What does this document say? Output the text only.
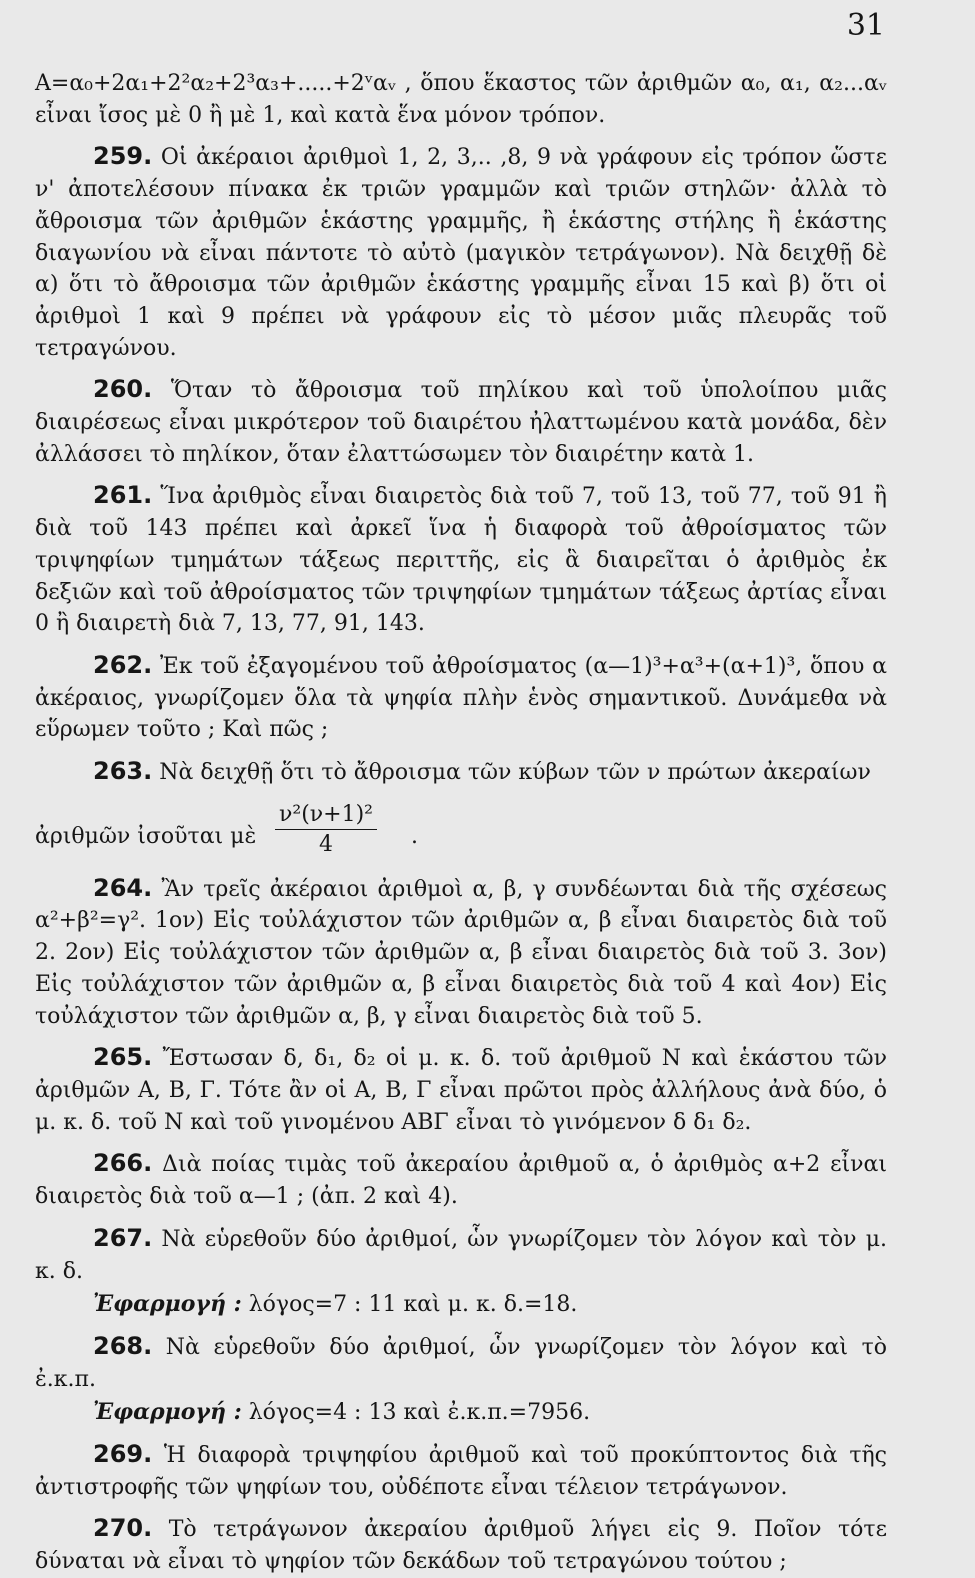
31

A=α₀+2α₁+2²α₂+2³α₃+.....+2ᵛαᵥ , ὅπου ἕκαστος τῶν ἀριθμῶν α₀, α₁, α₂...αᵥ εἶναι ἴσος μὲ 0 ἢ μὲ 1, καὶ κατὰ ἕνα μόνον τρόπον.

259. Οἱ ἀκέραιοι ἀριθμοὶ 1, 2, 3,.. ,8, 9 νὰ γράφουν εἰς τρόπον ὥστε ν' ἀποτελέσουν πίνακα ἐκ τριῶν γραμμῶν καὶ τριῶν στηλῶν· ἀλλὰ τὸ ἄθροισμα τῶν ἀριθμῶν ἑκάστης γραμμῆς, ἢ ἑκάστης στήλης ἢ ἑκάστης διαγωνίου νὰ εἶναι πάντοτε τὸ αὐτὸ (μαγικὸν τετράγωνον). Νὰ δειχθῇ δὲ α) ὅτι τὸ ἄθροισμα τῶν ἀριθμῶν ἑκάστης γραμμῆς εἶναι 15 καὶ β) ὅτι οἱ ἀριθμοὶ 1 καὶ 9 πρέπει νὰ γράφουν εἰς τὸ μέσον μιᾶς πλευρᾶς τοῦ τετραγώνου.

260. Ὅταν τὸ ἄθροισμα τοῦ πηλίκου καὶ τοῦ ὑπολοίπου μιᾶς διαιρέσεως εἶναι μικρότερον τοῦ διαιρέτου ἠλαττωμένου κατὰ μονάδα, δὲν ἀλλάσσει τὸ πηλίκον, ὅταν ἐλαττώσωμεν τὸν διαιρέτην κατὰ 1.

261. Ἵνα ἀριθμὸς εἶναι διαιρετὸς διὰ τοῦ 7, τοῦ 13, τοῦ 77, τοῦ 91 ἢ διὰ τοῦ 143 πρέπει καὶ ἀρκεῖ ἵνα ἡ διαφορὰ τοῦ ἀθροίσματος τῶν τριψηφίων τμημάτων τάξεως περιττῆς, εἰς ἃ διαιρεῖται ὁ ἀριθμὸς ἐκ δεξιῶν καὶ τοῦ ἀθροίσματος τῶν τριψηφίων τμημάτων τάξεως ἀρτίας εἶναι 0 ἢ διαιρετὴ διὰ 7, 13, 77, 91, 143.

262. Ἐκ τοῦ ἐξαγομένου τοῦ ἀθροίσματος (α—1)³+α³+(α+1)³, ὅπου α ἀκέραιος, γνωρίζομεν ὅλα τὰ ψηφία πλὴν ἑνὸς σημαντικοῦ. Δυνάμεθα νὰ εὕρωμεν τοῦτο ; Καὶ πῶς ;

263. Νὰ δειχθῇ ὅτι τὸ ἄθροισμα τῶν κύβων τῶν ν πρώτων ἀκεραίων

ἀριθμῶν ἰσοῦται μὲ $\frac{\text{ν²(ν+1)²}}{4}$ .

264. Ἂν τρεῖς ἀκέραιοι ἀριθμοὶ α, β, γ συνδέωνται διὰ τῆς σχέσεως α²+β²=γ². 1ον) Εἰς τοὐλάχιστον τῶν ἀριθμῶν α, β εἶναι διαιρετὸς διὰ τοῦ 2. 2ον) Εἰς τοὐλάχιστον τῶν ἀριθμῶν α, β εἶναι διαιρετὸς διὰ τοῦ 3. 3ον) Εἰς τοὐλάχιστον τῶν ἀριθμῶν α, β εἶναι διαιρετὸς διὰ τοῦ 4 καὶ 4ον) Εἰς τοὐλάχιστον τῶν ἀριθμῶν α, β, γ εἶναι διαιρετὸς διὰ τοῦ 5.

265. Ἔστωσαν δ, δ₁, δ₂ οἱ μ. κ. δ. τοῦ ἀριθμοῦ Ν καὶ ἑκάστου τῶν ἀριθμῶν Α, Β, Γ. Τότε ἂν οἱ Α, Β, Γ εἶναι πρῶτοι πρὸς ἀλλήλους ἀνὰ δύο, ὁ μ. κ. δ. τοῦ Ν καὶ τοῦ γινομένου ΑΒΓ εἶναι τὸ γινόμενον δ δ₁ δ₂.

266. Διὰ ποίας τιμὰς τοῦ ἀκεραίου ἀριθμοῦ α, ὁ ἀριθμὸς α+2 εἶναι διαιρετὸς διὰ τοῦ α—1 ; (ἀπ. 2 καὶ 4).

267. Νὰ εὑρεθοῦν δύο ἀριθμοί, ὧν γνωρίζομεν τὸν λόγον καὶ τὸν μ. κ. δ.

Ἐφαρμογή : λόγος=7 : 11 καὶ μ. κ. δ.=18.

268. Νὰ εὑρεθοῦν δύο ἀριθμοί, ὧν γνωρίζομεν τὸν λόγον καὶ τὸ ἐ.κ.π.

Ἐφαρμογή : λόγος=4 : 13 καὶ ἐ.κ.π.=7956.

269. Ἡ διαφορὰ τριψηφίου ἀριθμοῦ καὶ τοῦ προκύπτοντος διὰ τῆς ἀντιστροφῆς τῶν ψηφίων του, οὐδέποτε εἶναι τέλειον τετράγωνον.

270. Τὸ τετράγωνον ἀκεραίου ἀριθμοῦ λήγει εἰς 9. Ποῖον τότε δύναται νὰ εἶναι τὸ ψηφίον τῶν δεκάδων τοῦ τετραγώνου τούτου ;
